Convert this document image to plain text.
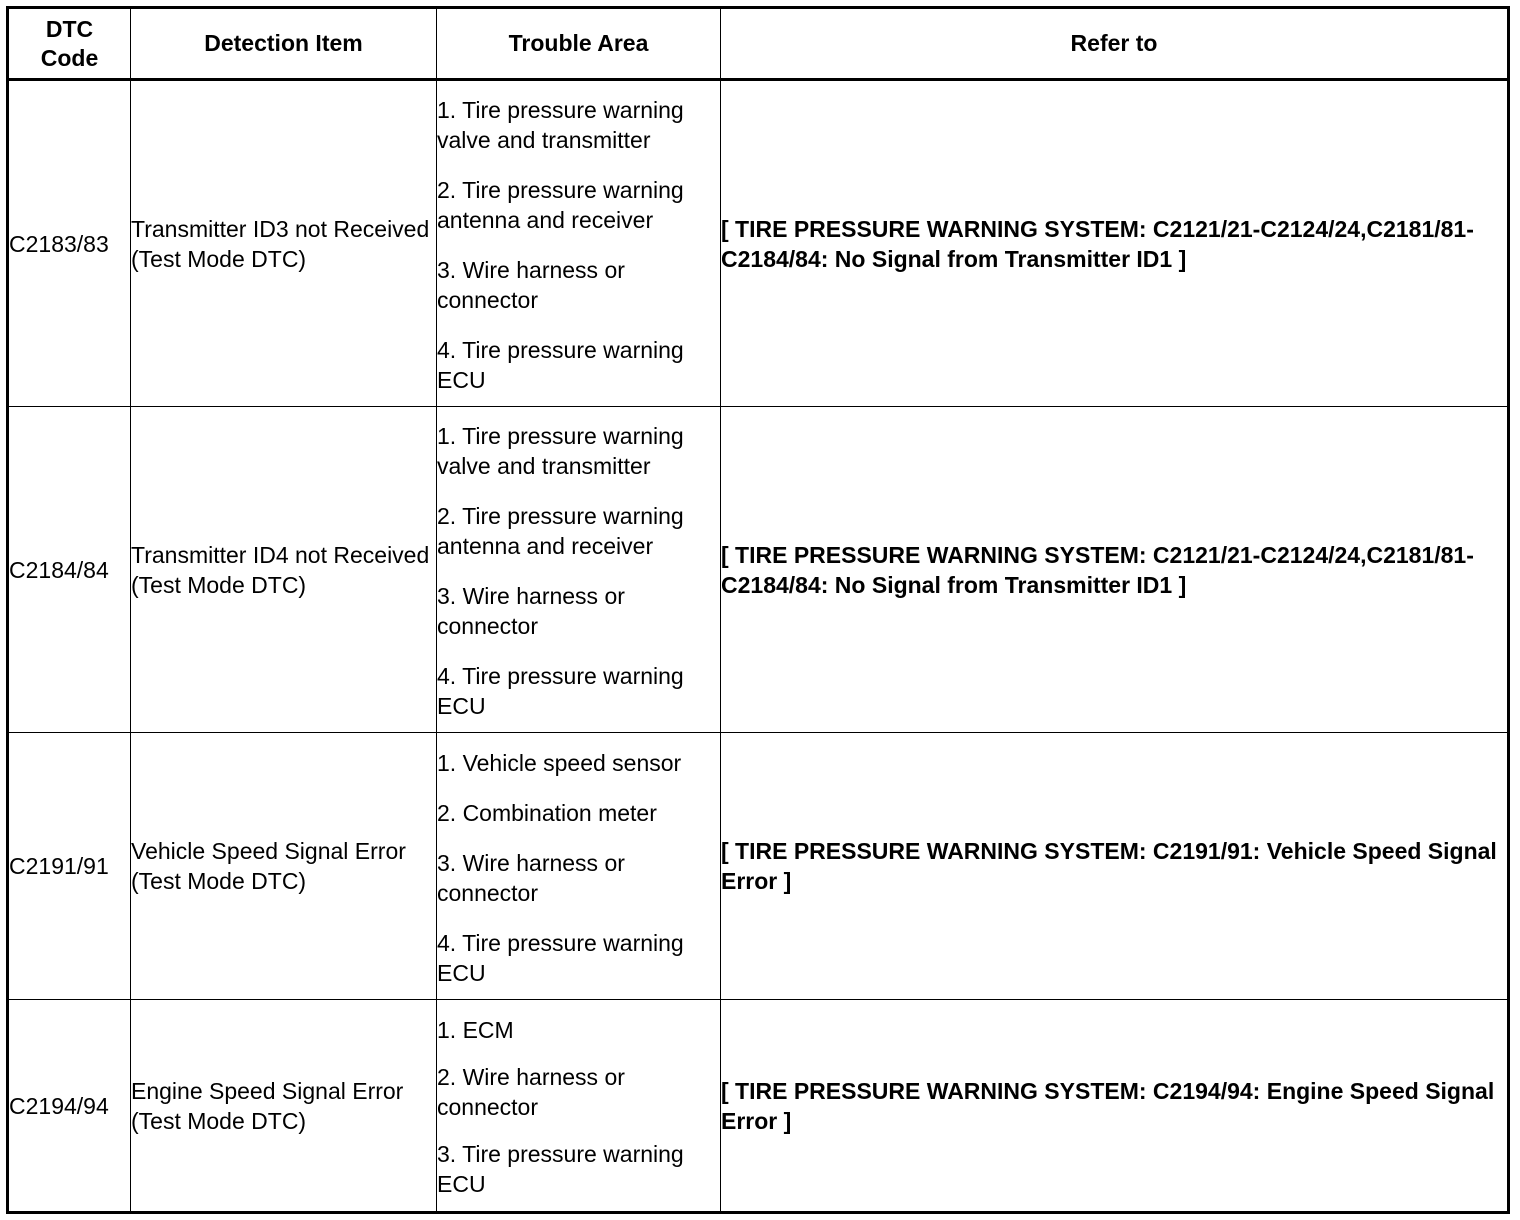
DTC Code	Detection Item	Trouble Area	Refer to
C2183/83	Transmitter ID3 not Received (Test Mode DTC)	1. Tire pressure warning valve and transmitter
2. Tire pressure warning antenna and receiver
3. Wire harness or connector
4. Tire pressure warning ECU	[ TIRE PRESSURE WARNING SYSTEM: C2121/21-C2124/24,C2181/81-C2184/84: No Signal from Transmitter ID1 ]
C2184/84	Transmitter ID4 not Received (Test Mode DTC)	1. Tire pressure warning valve and transmitter
2. Tire pressure warning antenna and receiver
3. Wire harness or connector
4. Tire pressure warning ECU	[ TIRE PRESSURE WARNING SYSTEM: C2121/21-C2124/24,C2181/81-C2184/84: No Signal from Transmitter ID1 ]
C2191/91	Vehicle Speed Signal Error (Test Mode DTC)	1. Vehicle speed sensor
2. Combination meter
3. Wire harness or connector
4. Tire pressure warning ECU	[ TIRE PRESSURE WARNING SYSTEM: C2191/91: Vehicle Speed Signal Error ]
C2194/94	Engine Speed Signal Error (Test Mode DTC)	1. ECM
2. Wire harness or connector
3. Tire pressure warning ECU	[ TIRE PRESSURE WARNING SYSTEM: C2194/94: Engine Speed Signal Error ]
